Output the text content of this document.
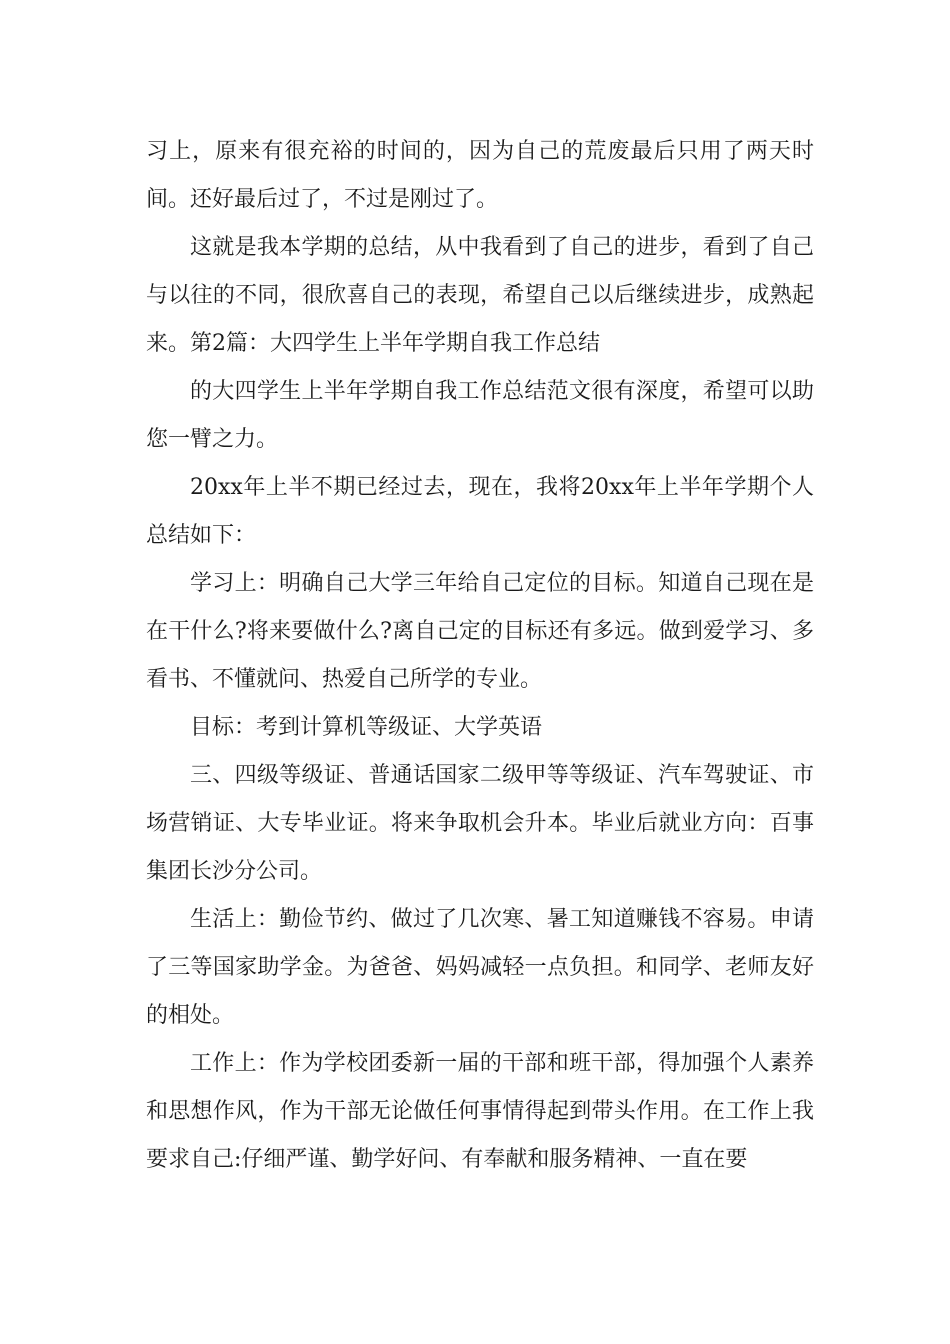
习上，原来有很充裕的时间的，因为自己的荒废最后只用了两天时间。还好最后过了，不过是刚过了。

这就是我本学期的总结，从中我看到了自己的进步，看到了自己与以往的不同，很欣喜自己的表现，希望自己以后继续进步，成熟起来。第2篇：大四学生上半年学期自我工作总结

的大四学生上半年学期自我工作总结范文很有深度，希望可以助您一臂之力。

20xx年上半不期已经过去，现在，我将20xx年上半年学期个人总结如下：

学习上：明确自己大学三年给自己定位的目标。知道自己现在是在干什么?将来要做什么?离自己定的目标还有多远。做到爱学习、多看书、不懂就问、热爱自己所学的专业。

目标：考到计算机等级证、大学英语

三、四级等级证、普通话国家二级甲等等级证、汽车驾驶证、市场营销证、大专毕业证。将来争取机会升本。毕业后就业方向：百事集团长沙分公司。

生活上：勤俭节约、做过了几次寒、暑工知道赚钱不容易。申请了三等国家助学金。为爸爸、妈妈减轻一点负担。和同学、老师友好的相处。

工作上：作为学校团委新一届的干部和班干部，得加强个人素养和思想作风，作为干部无论做任何事情得起到带头作用。在工作上我要求自己:仔细严谨、勤学好问、有奉献和服务精神、一直在要
